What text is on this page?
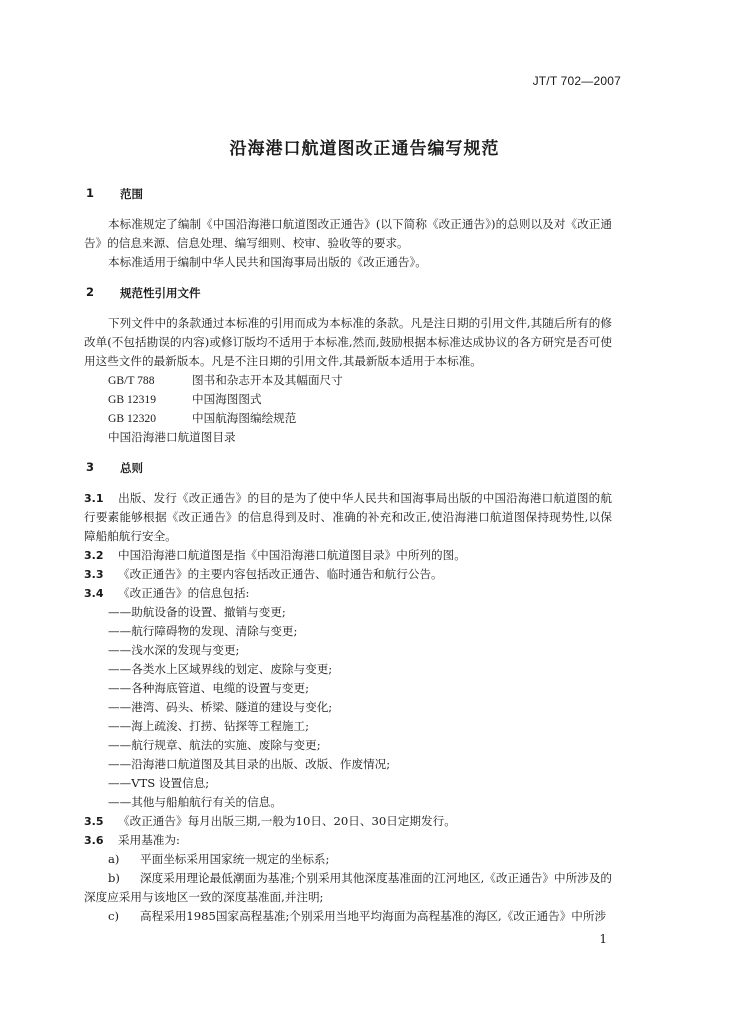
JT/T 702—2007
沿海港口航道图改正通告编写规范
1	范围

本标准规定了编制《中国沿海港口航道图改正通告》(以下简称《改正通告》)的总则以及对《改正通告》的信息来源、信息处理、编写细则、校审、验收等的要求。

本标准适用于编制中华人民共和国海事局出版的《改正通告》。

2	规范性引用文件

下列文件中的条款通过本标准的引用而成为本标准的条款。凡是注日期的引用文件,其随后所有的修改单(不包括勘误的内容)或修订版均不适用于本标准,然而,鼓励根据本标准达成协议的各方研究是否可使用这些文件的最新版本。凡是不注日期的引用文件,其最新版本适用于本标准。

GB/T 788	图书和杂志开本及其幅面尺寸
GB 12319	中国海图图式
GB 12320	中国航海图编绘规范
中国沿海港口航道图目录
3	总则

3.1 出版、发行《改正通告》的目的是为了使中华人民共和国海事局出版的中国沿海港口航道图的航行要素能够根据《改正通告》的信息得到及时、准确的补充和改正,使沿海港口航道图保持现势性,以保障船舶航行安全。

3.2	中国沿海港口航道图是指《中国沿海港口航道图目录》中所列的图。
3.3	《改正通告》的主要内容包括改正通告、临时通告和航行公告。
3.4	《改正通告》的信息包括:
——助航设备的设置、撤销与变更;
——航行障碍物的发现、清除与变更;
——浅水深的发现与变更;
——各类水上区域界线的划定、废除与变更;
——各种海底管道、电缆的设置与变更;
——港湾、码头、桥梁、隧道的建设与变化;
——海上疏浚、打捞、钻探等工程施工;
——航行规章、航法的实施、废除与变更;
——沿海港口航道图及其目录的出版、改版、作废情况;
——VTS 设置信息;
——其他与船舶航行有关的信息。
3.5	《改正通告》每月出版三期,一般为10日、20日、30日定期发行。
3.6	采用基准为:
a) 平面坐标采用国家统一规定的坐标系;
b) 深度采用理论最低潮面为基准;个别采用其他深度基准面的江河地区,《改正通告》中所涉及的深度应采用与该地区一致的深度基准面,并注明;
c) 高程采用1985国家高程基准;个别采用当地平均海面为高程基准的海区,《改正通告》中所涉
1
